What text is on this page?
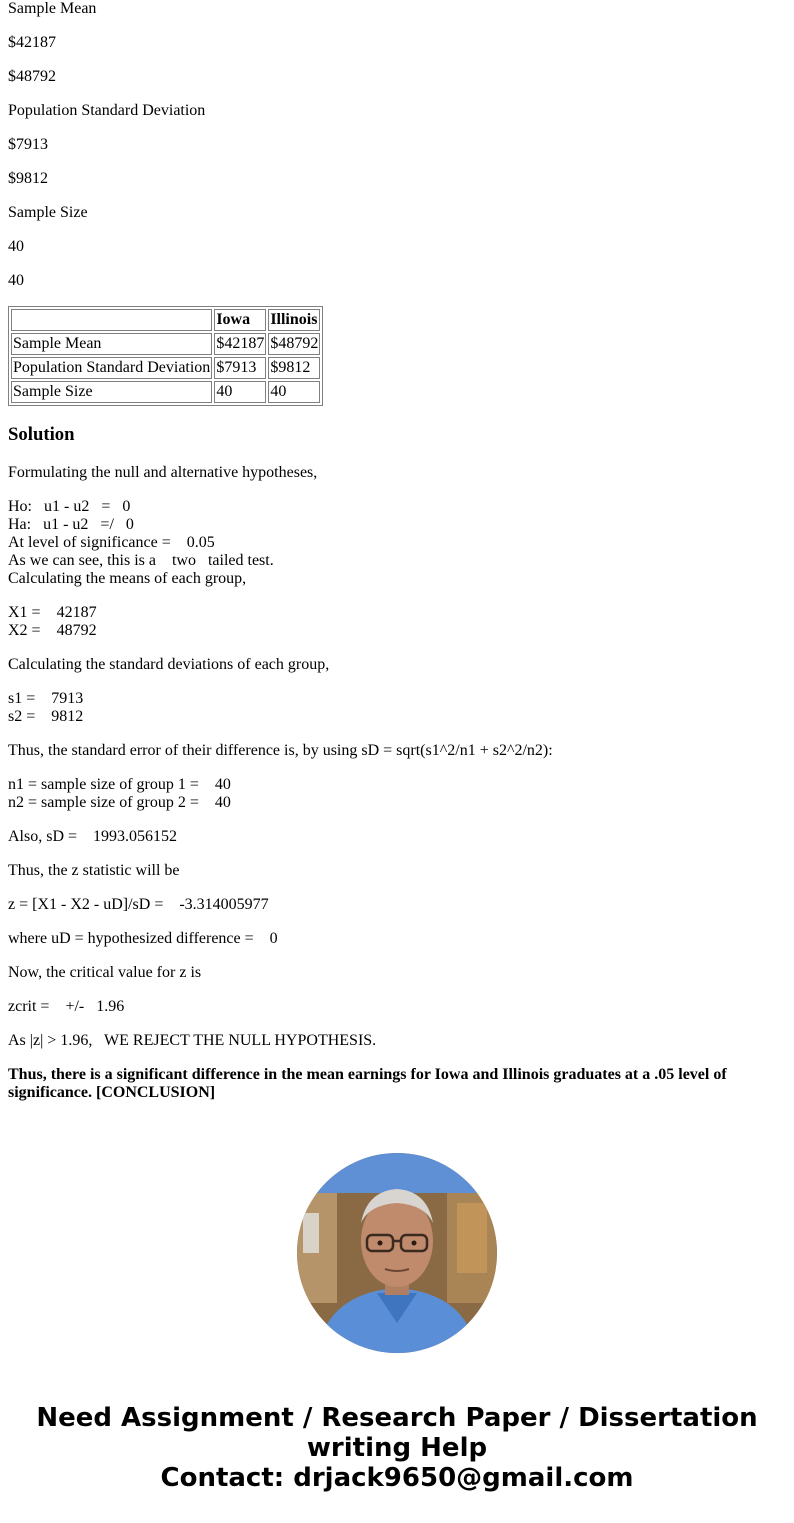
Sample Mean

$42187

$48792

Population Standard Deviation

$7913

$9812

Sample Size

40

40

	Iowa	Illinois
Sample Mean	$42187	$48792
Population Standard Deviation	$7913	$9812
Sample Size	40	40
Solution

Formulating the null and alternative hypotheses,

Ho:   u1 - u2   =   0
Ha:   u1 - u2   =/   0
At level of significance =    0.05
As we can see, this is a    two   tailed test.
Calculating the means of each group,
X1 =    42187
X2 =    48792

Calculating the standard deviations of each group,

s1 =    7913
s2 =    9812

Thus, the standard error of their difference is, by using sD = sqrt(s1^2/n1 + s2^2/n2):

n1 = sample size of group 1 =    40
n2 = sample size of group 2 =    40

Also, sD =    1993.056152

Thus, the z statistic will be

z = [X1 - X2 - uD]/sD =    -3.314005977

where uD = hypothesized difference =    0

Now, the critical value for z is

zcrit =    +/-   1.96

As |z| > 1.96,   WE REJECT THE NULL HYPOTHESIS.

Thus, there is a significant difference in the mean earnings for Iowa and Illinois graduates at a .05 level of significance. [CONCLUSION]

Need Assignment / Research Paper / Dissertation
writing Help
Contact: drjack9650@gmail.com
